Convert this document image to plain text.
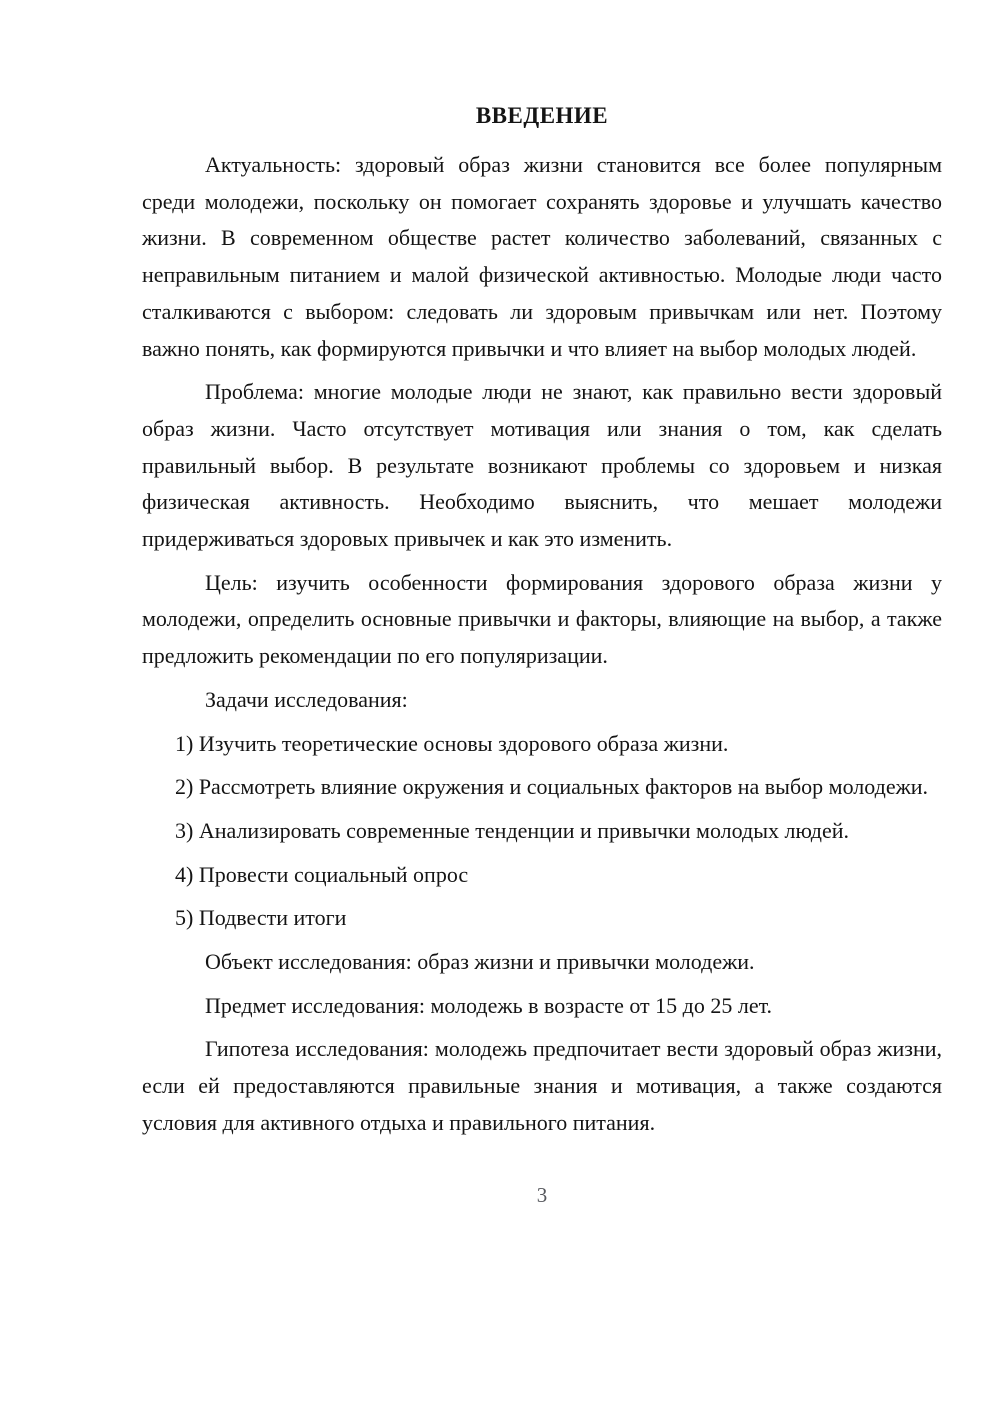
ВВЕДЕНИЕ

Актуальность: здоровый образ жизни становится все более популярным среди молодежи, поскольку он помогает сохранять здоровье и улучшать качество жизни. В современном обществе растет количество заболеваний, связанных с неправильным питанием и малой физической активностью. Молодые люди часто сталкиваются с выбором: следовать ли здоровым привычкам или нет. Поэтому важно понять, как формируются привычки и что влияет на выбор молодых людей.

Проблема: многие молодые люди не знают, как правильно вести здоровый образ жизни. Часто отсутствует мотивация или знания о том, как сделать правильный выбор. В результате возникают проблемы со здоровьем и низкая физическая активность. Необходимо выяснить, что мешает молодежи придерживаться здоровых привычек и как это изменить.

Цель: изучить особенности формирования здорового образа жизни у молодежи, определить основные привычки и факторы, влияющие на выбор, а также предложить рекомендации по его популяризации.

Задачи исследования:

1) Изучить теоретические основы здорового образа жизни.

2) Рассмотреть влияние окружения и социальных факторов на выбор молодежи.

3) Анализировать современные тенденции и привычки молодых людей.

4) Провести социальный опрос

5) Подвести итоги

Объект исследования: образ жизни и привычки молодежи.

Предмет исследования: молодежь в возрасте от 15 до 25 лет.

Гипотеза исследования: молодежь предпочитает вести здоровый образ жизни, если ей предоставляются правильные знания и мотивация, а также создаются условия для активного отдыха и правильного питания.

3
